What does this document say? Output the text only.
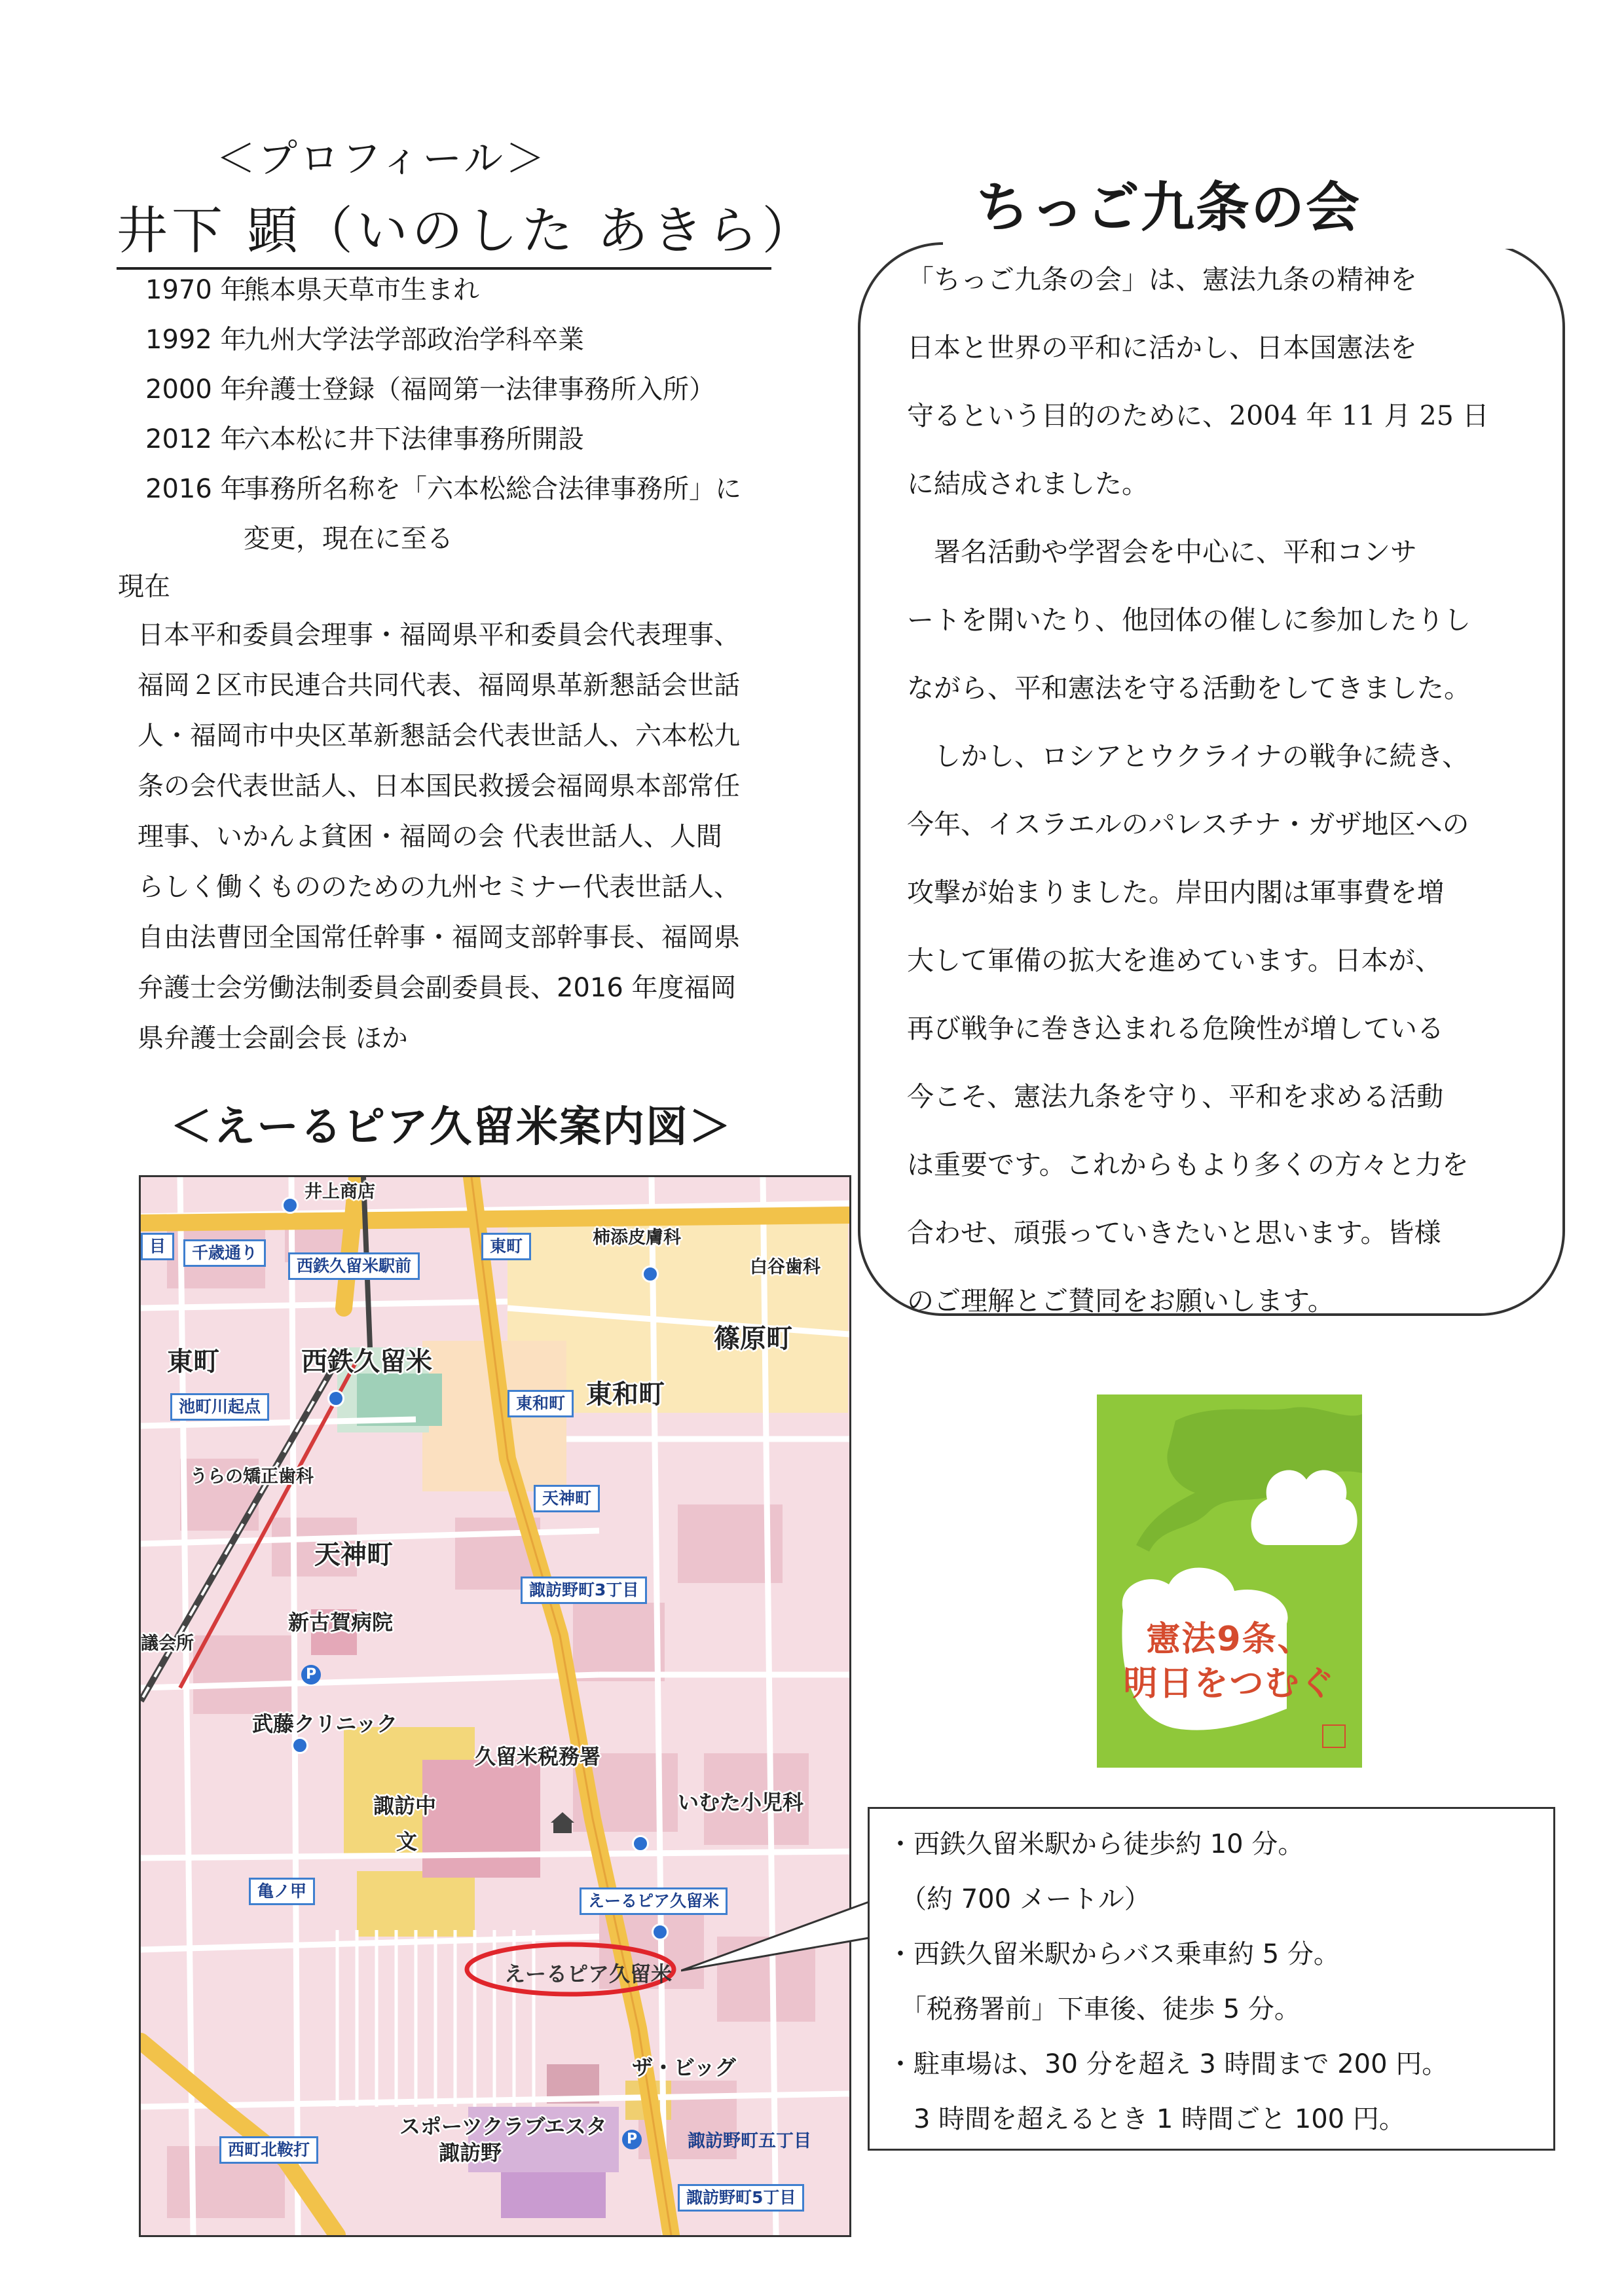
＜プロフィール＞
井下 顕（いのした あきら）
1970 年
熊本県天草市生まれ
1992 年
九州大学法学部政治学科卒業
2000 年
弁護士登録（福岡第一法律事務所入所）
2012 年
六本松に井下法律事務所開設
2016 年
事務所名称を「六本松総合法律事務所」に
変更，現在に至る
現在
日本平和委員会理事・福岡県平和委員会代表理事、
福岡２区市民連合共同代表、福岡県革新懇話会世話
人・福岡市中央区革新懇話会代表世話人、六本松九
条の会代表世話人、日本国民救援会福岡県本部常任
理事、いかんよ貧困・福岡の会 代表世話人、人間
らしく働くもののための九州セミナー代表世話人、
自由法曹団全国常任幹事・福岡支部幹事長、福岡県
弁護士会労働法制委員会副委員長、2016 年度福岡
県弁護士会副会長 ほか
ちっご九条の会
「ちっご九条の会」は、憲法九条の精神を
日本と世界の平和に活かし、日本国憲法を
守るという目的のために、2004 年 11 月 25 日
に結成されました。
　署名活動や学習会を中心に、平和コンサ
ートを開いたり、他団体の催しに参加したりし
ながら、平和憲法を守る活動をしてきました。
　しかし、ロシアとウクライナの戦争に続き、
今年、イスラエルのパレスチナ・ガザ地区への
攻撃が始まりました。岸田内閣は軍事費を増
大して軍備の拡大を進めています。日本が、
再び戦争に巻き込まれる危険性が増している
今こそ、憲法九条を守り、平和を求める活動
は重要です。これからもより多くの方々と力を
合わせ、頑張っていきたいと思います。皆様
のご理解とご賛同をお願いします。
憲法9条、
明日をつむぐ
＜えーるピア久留米案内図＞
西鉄久留米
東町
東和町
篠原町
天神町
新古賀病院
武藤クリニック
久留米税務署
諏訪中
文
いむた小児科
ザ・ビッグ
スポーツクラブエスタ
諏訪野
うらの矯正歯科
柿添皮膚科
白谷歯科
議会所
井上商店
えーるピア久留米
千歳通り
西鉄久留米駅前
東町
池町川起点	東和町
天神町
諏訪野町3丁目
亀ノ甲
えーるピア久留米
西町北鞍打
諏訪野町5丁目
諏訪野町五丁目
目
P
P
・西鉄久留米駅から徒歩約 10 分。
　（約 700 メートル）
・西鉄久留米駅からバス乗車約 5 分。
　「税務署前」下車後、徒歩 5 分。
・駐車場は、30 分を超え 3 時間まで 200 円。
　3 時間を超えるとき 1 時間ごと 100 円。
